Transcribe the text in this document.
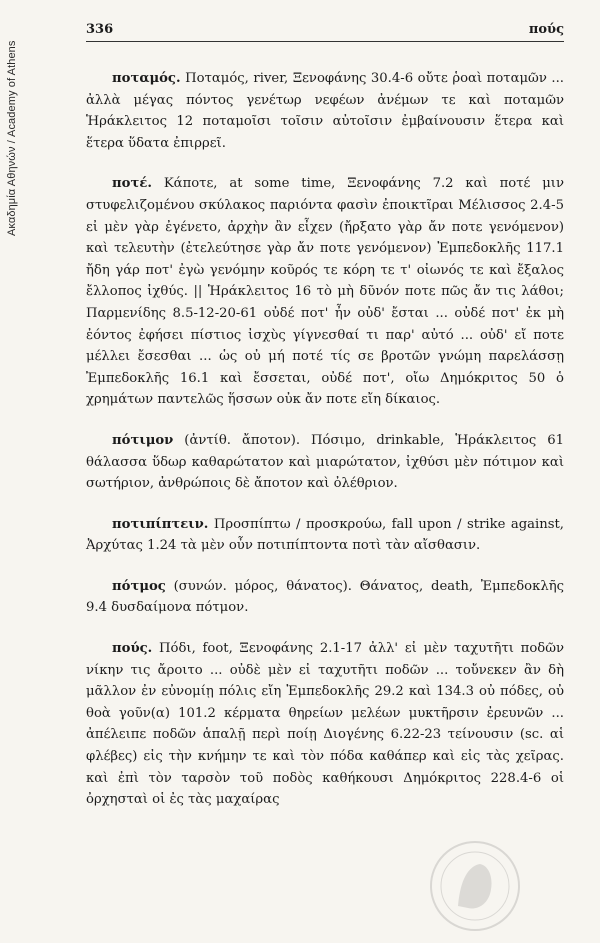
Ακαδημία Αθηνών / Academy of Athens
336	πούς

ποταμός. Ποταμός, river, Ξενοφάνης 30.4-6 οὔτε ῥοαὶ ποταμῶν ... ἀλλὰ μέγας πόντος γενέτωρ νεφέων ἀνέμων τε καὶ ποταμῶν Ἡράκλειτος 12 ποταμοῖσι τοῖσιν αὐτοῖσιν ἐμβαίνουσιν ἕτερα καὶ ἕτερα ὕδατα ἐπιρρεῖ.

ποτέ. Κάποτε, at some time, Ξενοφάνης 7.2 καὶ ποτέ μιν στυφελιζομένου σκύλακος παριόντα φασὶν ἐποικτῖραι Μέλισσος 2.4-5 εἰ μὲν γὰρ ἐγένετο, ἀρχὴν ἂν εἶχεν (ἤρξατο γὰρ ἄν ποτε γενόμενον) καὶ τελευτὴν (ἐτελεύτησε γὰρ ἄν ποτε γενόμενον) Ἐμπεδοκλῆς 117.1 ἤδη γάρ ποτ' ἐγὼ γενόμην κοῦρός τε κόρη τε τ' οἰωνός τε καὶ ἔξαλος ἔλλοπος ἰχθύς. || Ἡράκλειτος 16 τὸ μὴ δῦνόν ποτε πῶς ἄν τις λάθοι; Παρμενίδης 8.5-12-20-61 οὐδέ ποτ' ἦν οὐδ' ἔσται ... οὐδέ ποτ' ἐκ μὴ ἐόντος ἐφήσει πίστιος ἰσχὺς γίγνεσθαί τι παρ' αὐτό ... οὐδ' εἴ ποτε μέλλει ἔσεσθαι ... ὡς οὐ μή ποτέ τίς σε βροτῶν γνώμη παρελάσσῃ Ἐμπεδοκλῆς 16.1 καὶ ἔσσεται, οὐδέ ποτ', οἴω Δημόκριτος 50 ὁ χρημάτων παντελῶς ἥσσων οὐκ ἄν ποτε εἴη δίκαιος.

πότιμον (ἀντίθ. ἄποτον). Πόσιμο, drinkable, Ἡράκλειτος 61 θάλασσα ὕδωρ καθαρώτατον καὶ μιαρώτατον, ἰχθύσι μὲν πότιμον καὶ σωτήριον, ἀνθρώποις δὲ ἄποτον καὶ ὀλέθριον.

ποτιπίπτειν. Προσπίπτω / προσκρούω, fall upon / strike against, Ἀρχύτας 1.24 τὰ μὲν οὖν ποτιπίπτοντα ποτὶ τὰν αἴσθασιν.

πότμος (συνών. μόρος, θάνατος). Θάνατος, death, Ἐμπεδοκλῆς 9.4 δυσδαίμονα πότμον.

πούς. Πόδι, foot, Ξενοφάνης 2.1-17 ἀλλ' εἰ μὲν ταχυτῆτι ποδῶν νίκην τις ἄροιτο ... οὐδὲ μὲν εἰ ταχυτῆτι ποδῶν ... τοὔνεκεν ἂν δὴ μᾶλλον ἐν εὐνομίῃ πόλις εἴη Ἐμπεδοκλῆς 29.2 καὶ 134.3 οὐ πόδες, οὐ θοὰ γοῦν(α) 101.2 κέρματα θηρείων μελέων μυκτῆρσιν ἐρευνῶν ... ἀπέλειπε ποδῶν ἁπαλῇ περὶ ποίῃ Διογένης 6.22-23 τείνουσιν (sc. αἱ φλέβες) εἰς τὴν κνήμην τε καὶ τὸν πόδα καθάπερ καὶ εἰς τὰς χεῖρας. καὶ ἐπὶ τὸν ταρσὸν τοῦ ποδὸς καθήκουσι Δημόκριτος 228.4-6 οἱ ὀρχησταὶ οἱ ἐς τὰς μαχαίρας
